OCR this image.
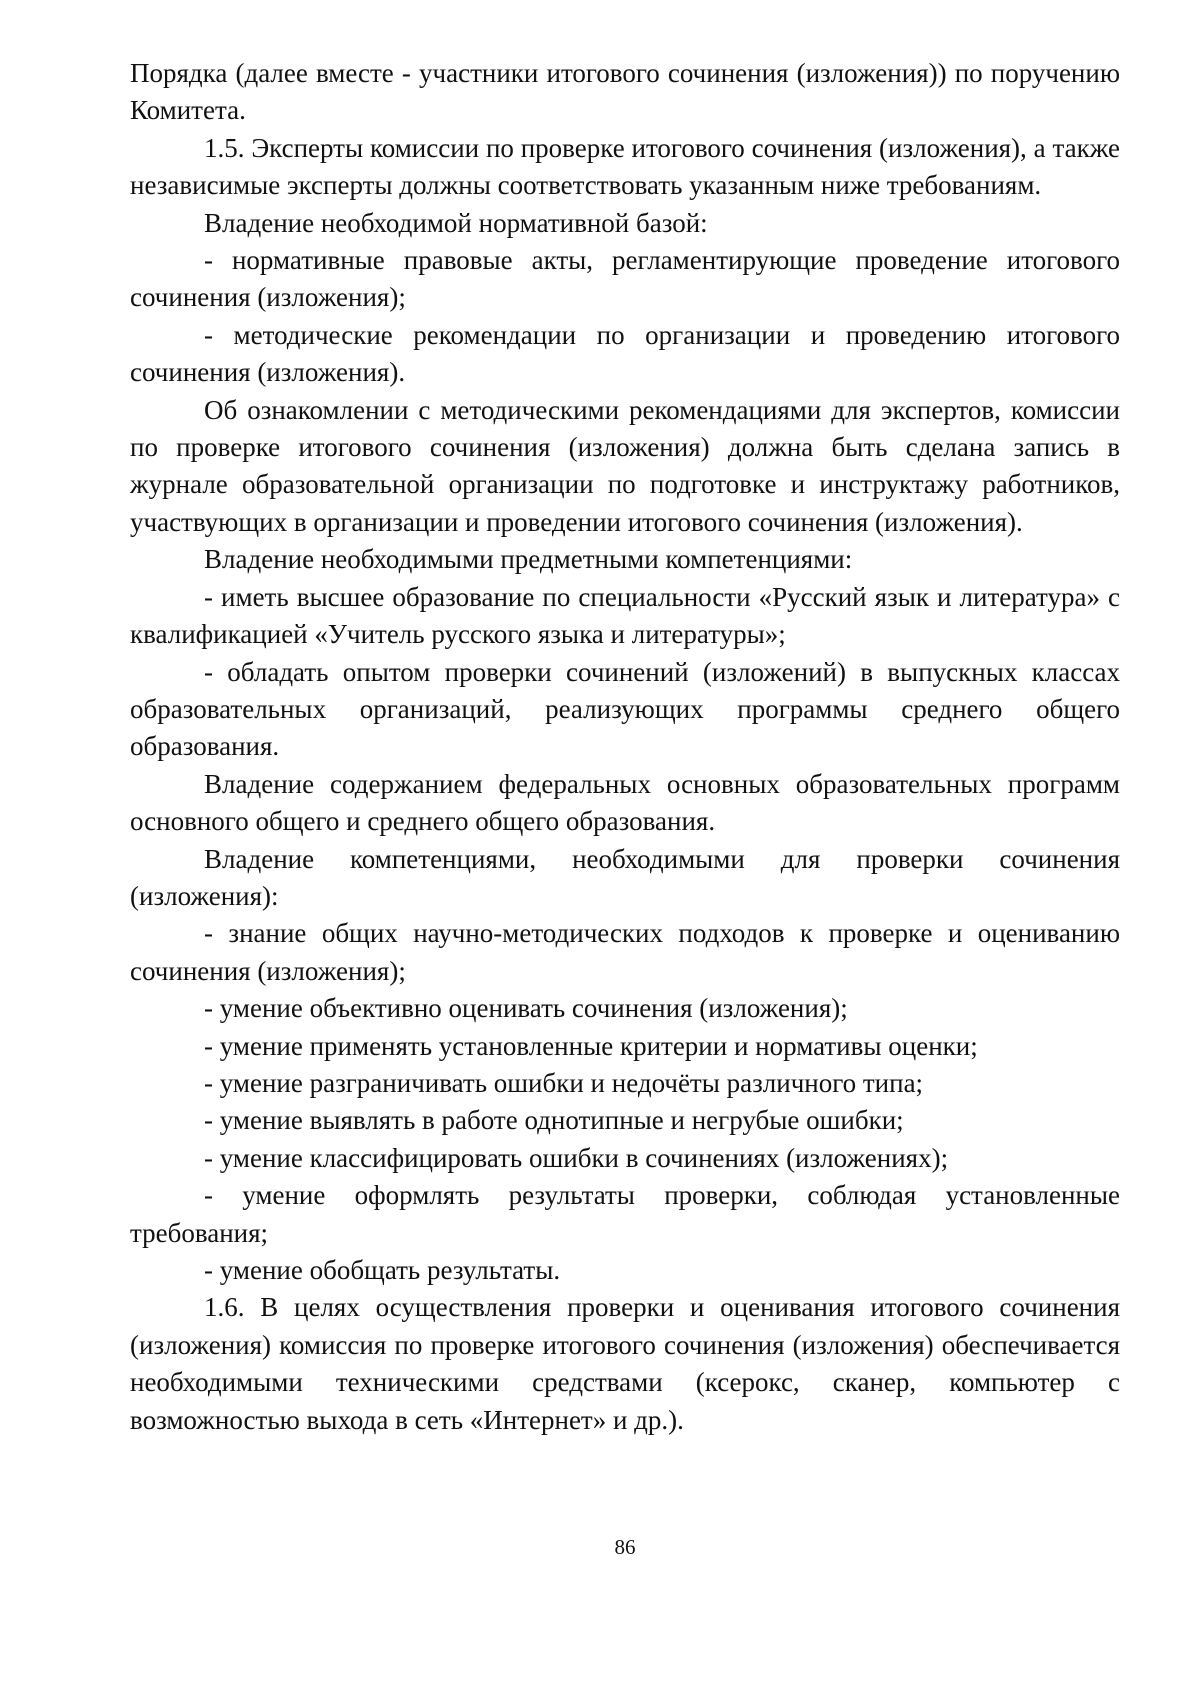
Порядка (далее вместе - участники итогового сочинения (изложения)) по поручению Комитета.

1.5. Эксперты комиссии по проверке итогового сочинения (изложения), а также независимые эксперты должны соответствовать указанным ниже требованиям.

Владение необходимой нормативной базой:

- нормативные правовые акты, регламентирующие проведение итогового сочинения (изложения);

- методические рекомендации по организации и проведению итогового сочинения (изложения).

Об ознакомлении с методическими рекомендациями для экспертов, комиссии по проверке итогового сочинения (изложения) должна быть сделана запись в журнале образовательной организации по подготовке и инструктажу работников, участвующих в организации и проведении итогового сочинения (изложения).

Владение необходимыми предметными компетенциями:

- иметь высшее образование по специальности «Русский язык и литература» с квалификацией «Учитель русского языка и литературы»;

- обладать опытом проверки сочинений (изложений) в выпускных классах образовательных организаций, реализующих программы среднего общего образования.

Владение содержанием федеральных основных образовательных программ основного общего и среднего общего образования.

Владение компетенциями, необходимыми для проверки сочинения (изложения):

- знание общих научно-методических подходов к проверке и оцениванию сочинения (изложения);

- умение объективно оценивать сочинения (изложения);

- умение применять установленные критерии и нормативы оценки;

- умение разграничивать ошибки и недочёты различного типа;

- умение выявлять в работе однотипные и негрубые ошибки;

- умение классифицировать ошибки в сочинениях (изложениях);

- умение оформлять результаты проверки, соблюдая установленные требования;

- умение обобщать результаты.

1.6. В целях осуществления проверки и оценивания итогового сочинения (изложения) комиссия по проверке итогового сочинения (изложения) обеспечивается необходимыми техническими средствами (ксерокс, сканер, компьютер с возможностью выхода в сеть «Интернет» и др.).

86
